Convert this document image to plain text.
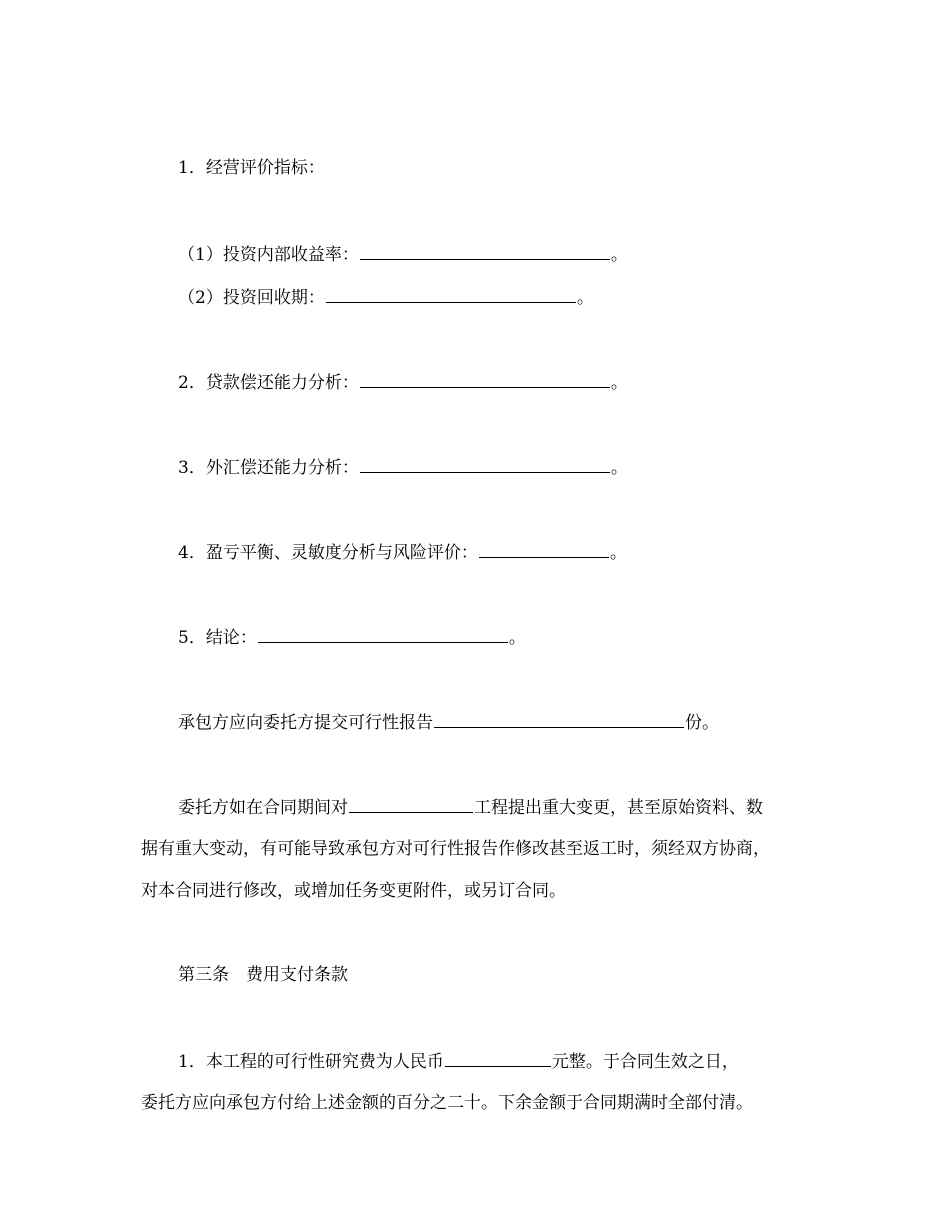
1．经营评价指标：
（1）投资内部收益率：	。
（2）投资回收期：	。
2．贷款偿还能力分析：	。
3．外汇偿还能力分析：	。
4．盈亏平衡、灵敏度分析与风险评价：	。
5．结论：	。
承包方应向委托方提交可行性报告	份。
委托方如在合同期间对	工程提出重大变更，甚至原始资料、数
据有重大变动，有可能导致承包方对可行性报告作修改甚至返工时，须经双方协商，
对本合同进行修改，或增加任务变更附件，或另订合同。
第三条　费用支付条款
1．本工程的可行性研究费为人民币	元整。于合同生效之日，
委托方应向承包方付给上述金额的百分之二十。下余金额于合同期满时全部付清。
